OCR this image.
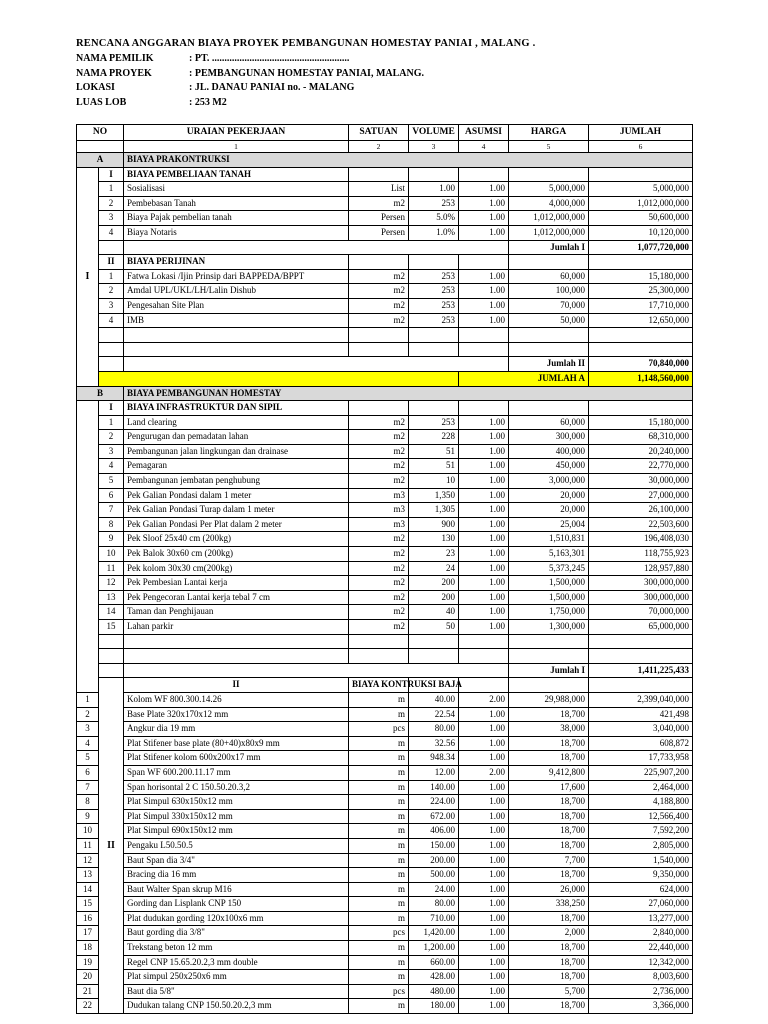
RENCANA ANGGARAN BIAYA PROYEK PEMBANGUNAN HOMESTAY PANIAI , MALANG .
NAMA PEMILIK	: PT. .......................................................
NAMA PROYEK	: PEMBANGUNAN HOMESTAY PANIAI, MALANG.
LOKASI	: JL. DANAU PANIAI no. - MALANG
LUAS LOB	: 253 M2
NO		URAIAN PEKERJAAN	SATUAN	VOLUME	ASUMSI	HARGA	JUMLAH	
		1	2	3	4	5	6	
A		BIAYA PRAKONTRUKSI						
I	I	BIAYA PEMBELIAAN TANAH						
	1	Sosialisasi	List	1.00	1.00	5,000,000	5,000,000	
	2	Pembebasan Tanah	m2	253	1.00	4,000,000	1,012,000,000	
	3	Biaya Pajak pembelian tanah	Persen	5.0%	1.00	1,012,000,000	50,600,000	
	4	Biaya Notaris	Persen	1.0%	1.00	1,012,000,000	10,120,000	
						Jumlah I	1,077,720,000	
	II	BIAYA PERIJINAN						
	1	Fatwa Lokasi /Ijin Prinsip dari BAPPEDA/BPPT	m2	253	1.00	60,000	15,180,000	
	2	Amdal UPL/UKL/LH/Lalin Dishub	m2	253	1.00	100,000	25,300,000	
	3	Pengesahan Site Plan	m2	253	1.00	70,000	17,710,000	
	4	IMB	m2	253	1.00	50,000	12,650,000	

						Jumlah II	70,840,000	
					JUMLAH A		1,148,560,000	
B		BIAYA PEMBANGUNAN HOMESTAY						
	I	BIAYA INFRASTRUKTUR DAN SIPIL						
	1	Land clearing	m2	253	1.00	60,000	15,180,000	
	2	Pengurugan dan pemadatan lahan	m2	228	1.00	300,000	68,310,000	
	3	Pembangunan jalan lingkungan dan drainase	m2	51	1.00	400,000	20,240,000	
	4	Pemagaran	m2	51	1.00	450,000	22,770,000	
	5	Pembangunan jembatan penghubung	m2	10	1.00	3,000,000	30,000,000	
	6	Pek Galian Pondasi dalam 1 meter	m3	1,350	1.00	20,000	27,000,000	
	7	Pek Galian Pondasi Turap dalam 1 meter	m3	1,305	1.00	20,000	26,100,000	
	8	Pek Galian Pondasi Per Plat dalam 2 meter	m3	900	1.00	25,004	22,503,600	
	9	Pek Sloof 25x40 cm (200kg)	m2	130	1.00	1,510,831	196,408,030	
	10	Pek Balok 30x60 cm (200kg)	m2	23	1.00	5,163,301	118,755,923	
	11	Pek kolom 30x30 cm(200kg)	m2	24	1.00	5,373,245	128,957,880	
	12	Pek Pembesian Lantai kerja	m2	200	1.00	1,500,000	300,000,000	
	13	Pek Pengecoran Lantai kerja tebal 7 cm	m2	200	1.00	1,500,000	300,000,000	
	14	Taman dan Penghijauan	m2	40	1.00	1,750,000	70,000,000	
	15	Lahan parkir	m2	50	1.00	1,300,000	65,000,000	

						Jumlah I	1,411,225,433	
	II	II	BIAYA KONTRUKSI BAJA					
1		Kolom WF 800.300.14.26	m	40.00	2.00	29,988,000	2,399,040,000	
2		Base Plate 320x170x12 mm	m	22.54	1.00	18,700	421,498	
3		Angkur dia 19 mm	pcs	80.00	1.00	38,000	3,040,000	
4		Plat Stifener base plate (80+40)x80x9 mm	m	32.56	1.00	18,700	608,872	
5		Plat Stifener kolom 600x200x17 mm	m	948.34	1.00	18,700	17,733,958	
6		Span WF 600.200.11.17 mm	m	12.00	2.00	9,412,800	225,907,200	
7		Span horisontal 2 C 150.50.20.3,2	m	140.00	1.00	17,600	2,464,000	
8		Plat Simpul 630x150x12 mm	m	224.00	1.00	18,700	4,188,800	
9		Plat Simpul 330x150x12 mm	m	672.00	1.00	18,700	12,566,400	
10		Plat Simpul 690x150x12 mm	m	406.00	1.00	18,700	7,592,200	
11		Pengaku L50.50.5	m	150.00	1.00	18,700	2,805,000	
12		Baut Span dia 3/4"	m	200.00	1.00	7,700	1,540,000	
13		Bracing dia 16 mm	m	500.00	1.00	18,700	9,350,000	
14		Baut Walter Span skrup M16	m	24.00	1.00	26,000	624,000	
15		Gording dan Lisplank CNP 150	m	80.00	1.00	338,250	27,060,000	
16		Plat dudukan gording 120x100x6 mm	m	710.00	1.00	18,700	13,277,000	
17		Baut gording dia 3/8"	pcs	1,420.00	1.00	2,000	2,840,000	
18		Trekstang beton 12 mm	m	1,200.00	1.00	18,700	22,440,000	
19		Regel CNP 15.65.20.2,3 mm double	m	660.00	1.00	18,700	12,342,000	
20		Plat simpul 250x250x6 mm	m	428.00	1.00	18,700	8,003,600	
21		Baut dia 5/8"	pcs	480.00	1.00	5,700	2,736,000	
22		Dudukan talang CNP 150.50.20.2,3 mm	m	180.00	1.00	18,700	3,366,000	
